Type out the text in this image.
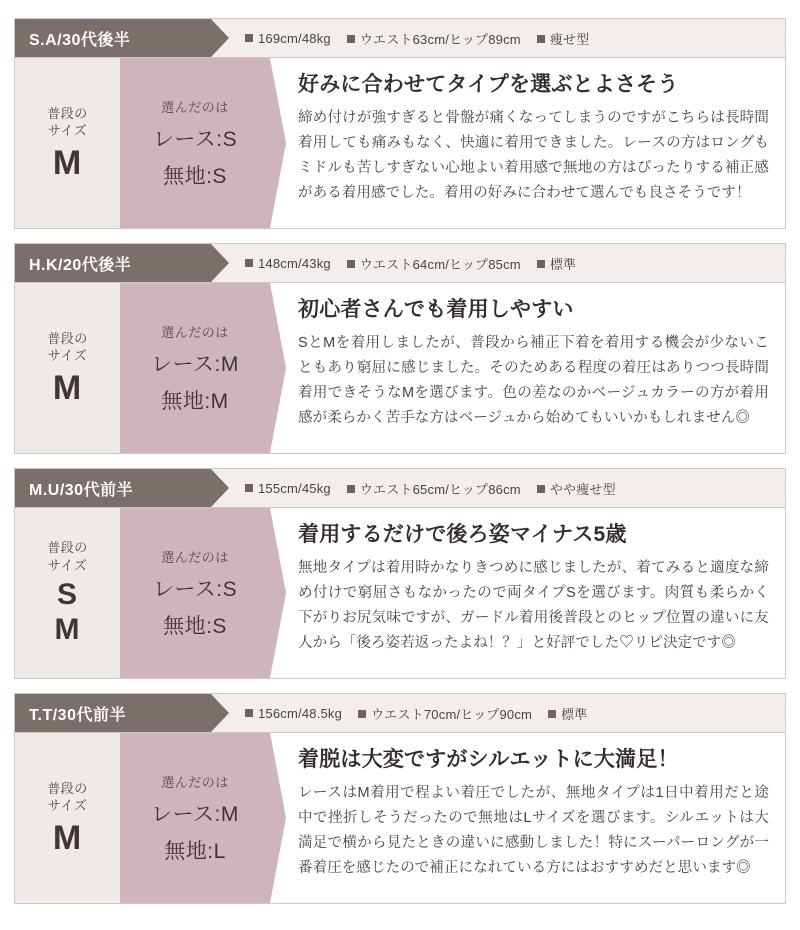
S.A/30代後半	169cm/48kg	ウエスト63cm/ヒップ89cm	痩せ型
普段の
サイズ
M
選んだのは
レース:S
無地:S
好みに合わせてタイプを選ぶとよさそう
締め付けが強すぎると骨盤が痛くなってしまうのですがこちらは長時間着用しても痛みもなく、快適に着用できました。レースの方はロングもミドルも苦しすぎない心地よい着用感で無地の方はぴったりする補正感がある着用感でした。着用の好みに合わせて選んでも良さそうです！
H.K/20代後半	148cm/43kg	ウエスト64cm/ヒップ85cm	標準
普段の
サイズ
M
選んだのは
レース:M
無地:M
初心者さんでも着用しやすい
SとMを着用しましたが、普段から補正下着を着用する機会が少ないこともあり窮屈に感じました。そのためある程度の着圧はありつつ長時間着用できそうなMを選びます。色の差なのかベージュカラーの方が着用感が柔らかく苦手な方はベージュから始めてもいいかもしれません◎
M.U/30代前半	155cm/45kg	ウエスト65cm/ヒップ86cm	やや痩せ型
普段の
サイズ
S
M
選んだのは
レース:S
無地:S
着用するだけで後ろ姿マイナス5歳
無地タイプは着用時かなりきつめに感じましたが、着てみると適度な締め付けで窮屈さもなかったので両タイプSを選びます。肉質も柔らかく下がりお尻気味ですが、ガードル着用後普段とのヒップ位置の違いに友人から「後ろ姿若返ったよね！？」と好評でした♡リピ決定です◎
T.T/30代前半	156cm/48.5kg	ウエスト70cm/ヒップ90cm	標準
普段の
サイズ
M
選んだのは
レース:M
無地:L
着脱は大変ですがシルエットに大満足！
レースはM着用で程よい着圧でしたが、無地タイプは1日中着用だと途中で挫折しそうだったので無地はLサイズを選びます。シルエットは大満足で横から見たときの違いに感動しました！特にスーパーロングが一番着圧を感じたので補正になれている方にはおすすめだと思います◎
